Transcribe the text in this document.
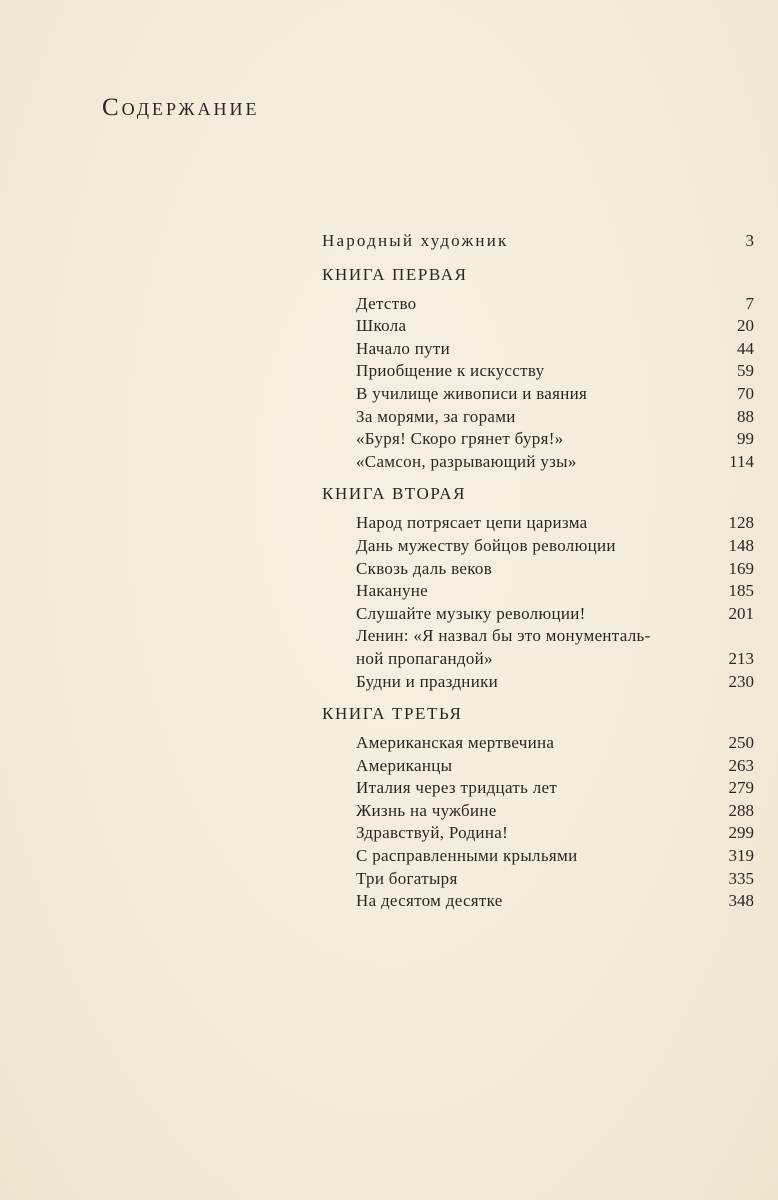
Содержание
Народный художник	3
КНИГА ПЕРВАЯ
Детство	7
Школа	20
Начало пути	44
Приобщение к искусству	59
В училище живописи и ваяния	70
За морями, за горами	88
«Буря! Скоро грянет буря!»	99
«Самсон, разрывающий узы»	114
КНИГА ВТОРАЯ
Народ потрясает цепи царизма	128
Дань мужеству бойцов революции	148
Сквозь даль веков	169
Накануне	185
Слушайте музыку революции!	201
Ленин: «Я назвал бы это монументаль-
ной пропагандой»	213
Будни и праздники	230
КНИГА ТРЕТЬЯ
Американская мертвечина	250
Американцы	263
Италия через тридцать лет	279
Жизнь на чужбине	288
Здравствуй, Родина!	299
С расправленными крыльями	319
Три богатыря	335
На десятом десятке	348
